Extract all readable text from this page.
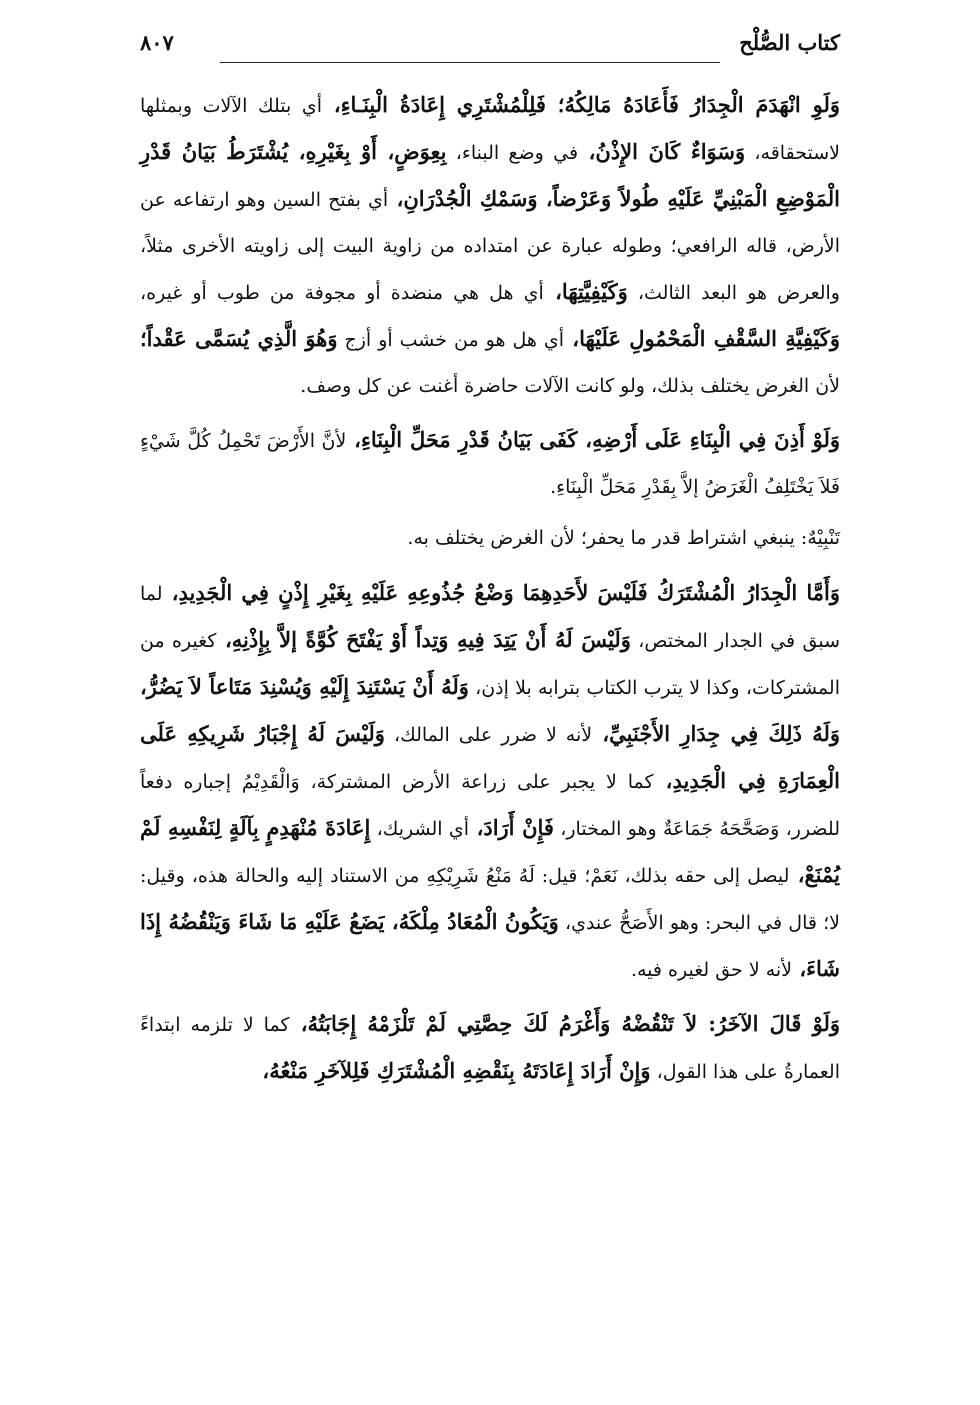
كتاب الصُّلْح
٨٠٧

وَلَوِ انْهَدَمَ الْجِدَارُ فَأَعَادَهُ مَالِكُهُ؛ فَلِلْمُشْتَرِي إِعَادَةُ الْبِنَـاءِ، أي بتلك الآلات وبمثلها لاستحقاقه، وَسَوَاءٌ كَانَ الإِذْنُ، في وضع البناء، بِعِوَضٍ، أَوْ بِغَيْرِهِ، يُشْتَرَطُ بَيَانُ قَدْرِ الْمَوْضِعِ الْمَبْنِيِّ عَلَيْهِ طُولاً وَعَرْضاً، وَسَمْكِ الْجُدْرَانِ، أي بفتح السين وهو ارتفاعه عن الأرض، قاله الرافعي؛ وطوله عبارة عن امتداده من زاوية البيت إلى زاويته الأخرى مثلاً، والعرض هو البعد الثالث، وَكَيْفِيَّتِهَا، أي هل هي منضدة أو مجوفة من طوب أو غيره، وَكَيْفِيَّةِ السَّقْفِ الْمَحْمُولِ عَلَيْهَا، أي هل هو من خشب أو أزج وَهُوَ الَّذِي يُسَمَّى عَقْداً؛ لأن الغرض يختلف بذلك، ولو كانت الآلات حاضرة أغنت عن كل وصف.

وَلَوْ أَذِنَ فِي الْبِنَاءِ عَلَى أَرْضِهِ، كَفَى بَيَانُ قَدْرِ مَحَلِّ الْبِنَاءِ، لأنَّ الأَرْضَ تَحْمِلُ كُلَّ شَيْءٍ فَلاَ يَخْتَلِفُ الْغَرَضُ إلاَّ بِقَدْرِ مَحَلِّ الْبِنَاءِ.

تَنْبِيْهٌ: ينبغي اشتراط قدر ما يحفر؛ لأن الغرض يختلف به.

وَأَمَّا الْجِدَارُ الْمُشْتَرَكُ فَلَيْسَ لأَحَدِهِمَا وَضْعُ جُذُوعِهِ عَلَيْهِ بِغَيْرِ إِذْنٍ فِي الْجَدِيدِ، لما سبق في الجدار المختص، وَلَيْسَ لَهُ أَنْ يَتِدَ فِيهِ وَتِداً أَوْ يَفْتَحَ كُوَّةً إلاَّ بِإِذْنِهِ، كغيره من المشتركات، وكذا لا يترب الكتاب بترابه بلا إذن، وَلَهُ أَنْ يَسْتَنِدَ إِلَيْهِ وَيُسْنِدَ مَتَاعاً لاَ يَضُرُّ، وَلَهُ ذَلِكَ فِي جِدَارِ الأَجْنَبِيِّ، لأنه لا ضرر على المالك، وَلَيْسَ لَهُ إِجْبَارُ شَرِيكِهِ عَلَى الْعِمَارَةِ فِي الْجَدِيدِ، كما لا يجبر على زراعة الأرض المشتركة، وَالْقَدِيْمُ إجباره دفعاً للضرر، وَصَحَّحَهُ جَمَاعَةٌ وهو المختار، فَإِنْ أَرَادَ، أي الشريك، إِعَادَةَ مُنْهَدِمٍ بِآلَةٍ لِنَفْسِهِ لَمْ يُمْنَعْ، ليصل إلى حقه بذلك، نَعَمْ؛ قيل: لَهُ مَنْعُ شَرِيْكِهِ من الاستناد إليه والحالة هذه، وقيل: لا؛ قال في البحر: وهو الأَصَحُّ عندي، وَيَكُونُ الْمُعَادُ مِلْكَهُ، يَضَعُ عَلَيْهِ مَا شَاءَ وَيَنْقُضُهُ إِذَا شَاءَ، لأنه لا حق لغيره فيه.

وَلَوْ قَالَ الآخَرُ: لاَ تَنْقُضْهُ وَأَغْرَمُ لَكَ حِصَّتِي لَمْ تَلْزَمْهُ إِجَابَتُهُ، كما لا تلزمه ابتداءً العمارةُ على هذا القول، وَإِنْ أَرَادَ إِعَادَتَهُ بِنَقْضِهِ الْمُشْتَرَكِ فَلِلآخَرِ مَنْعُهُ،
